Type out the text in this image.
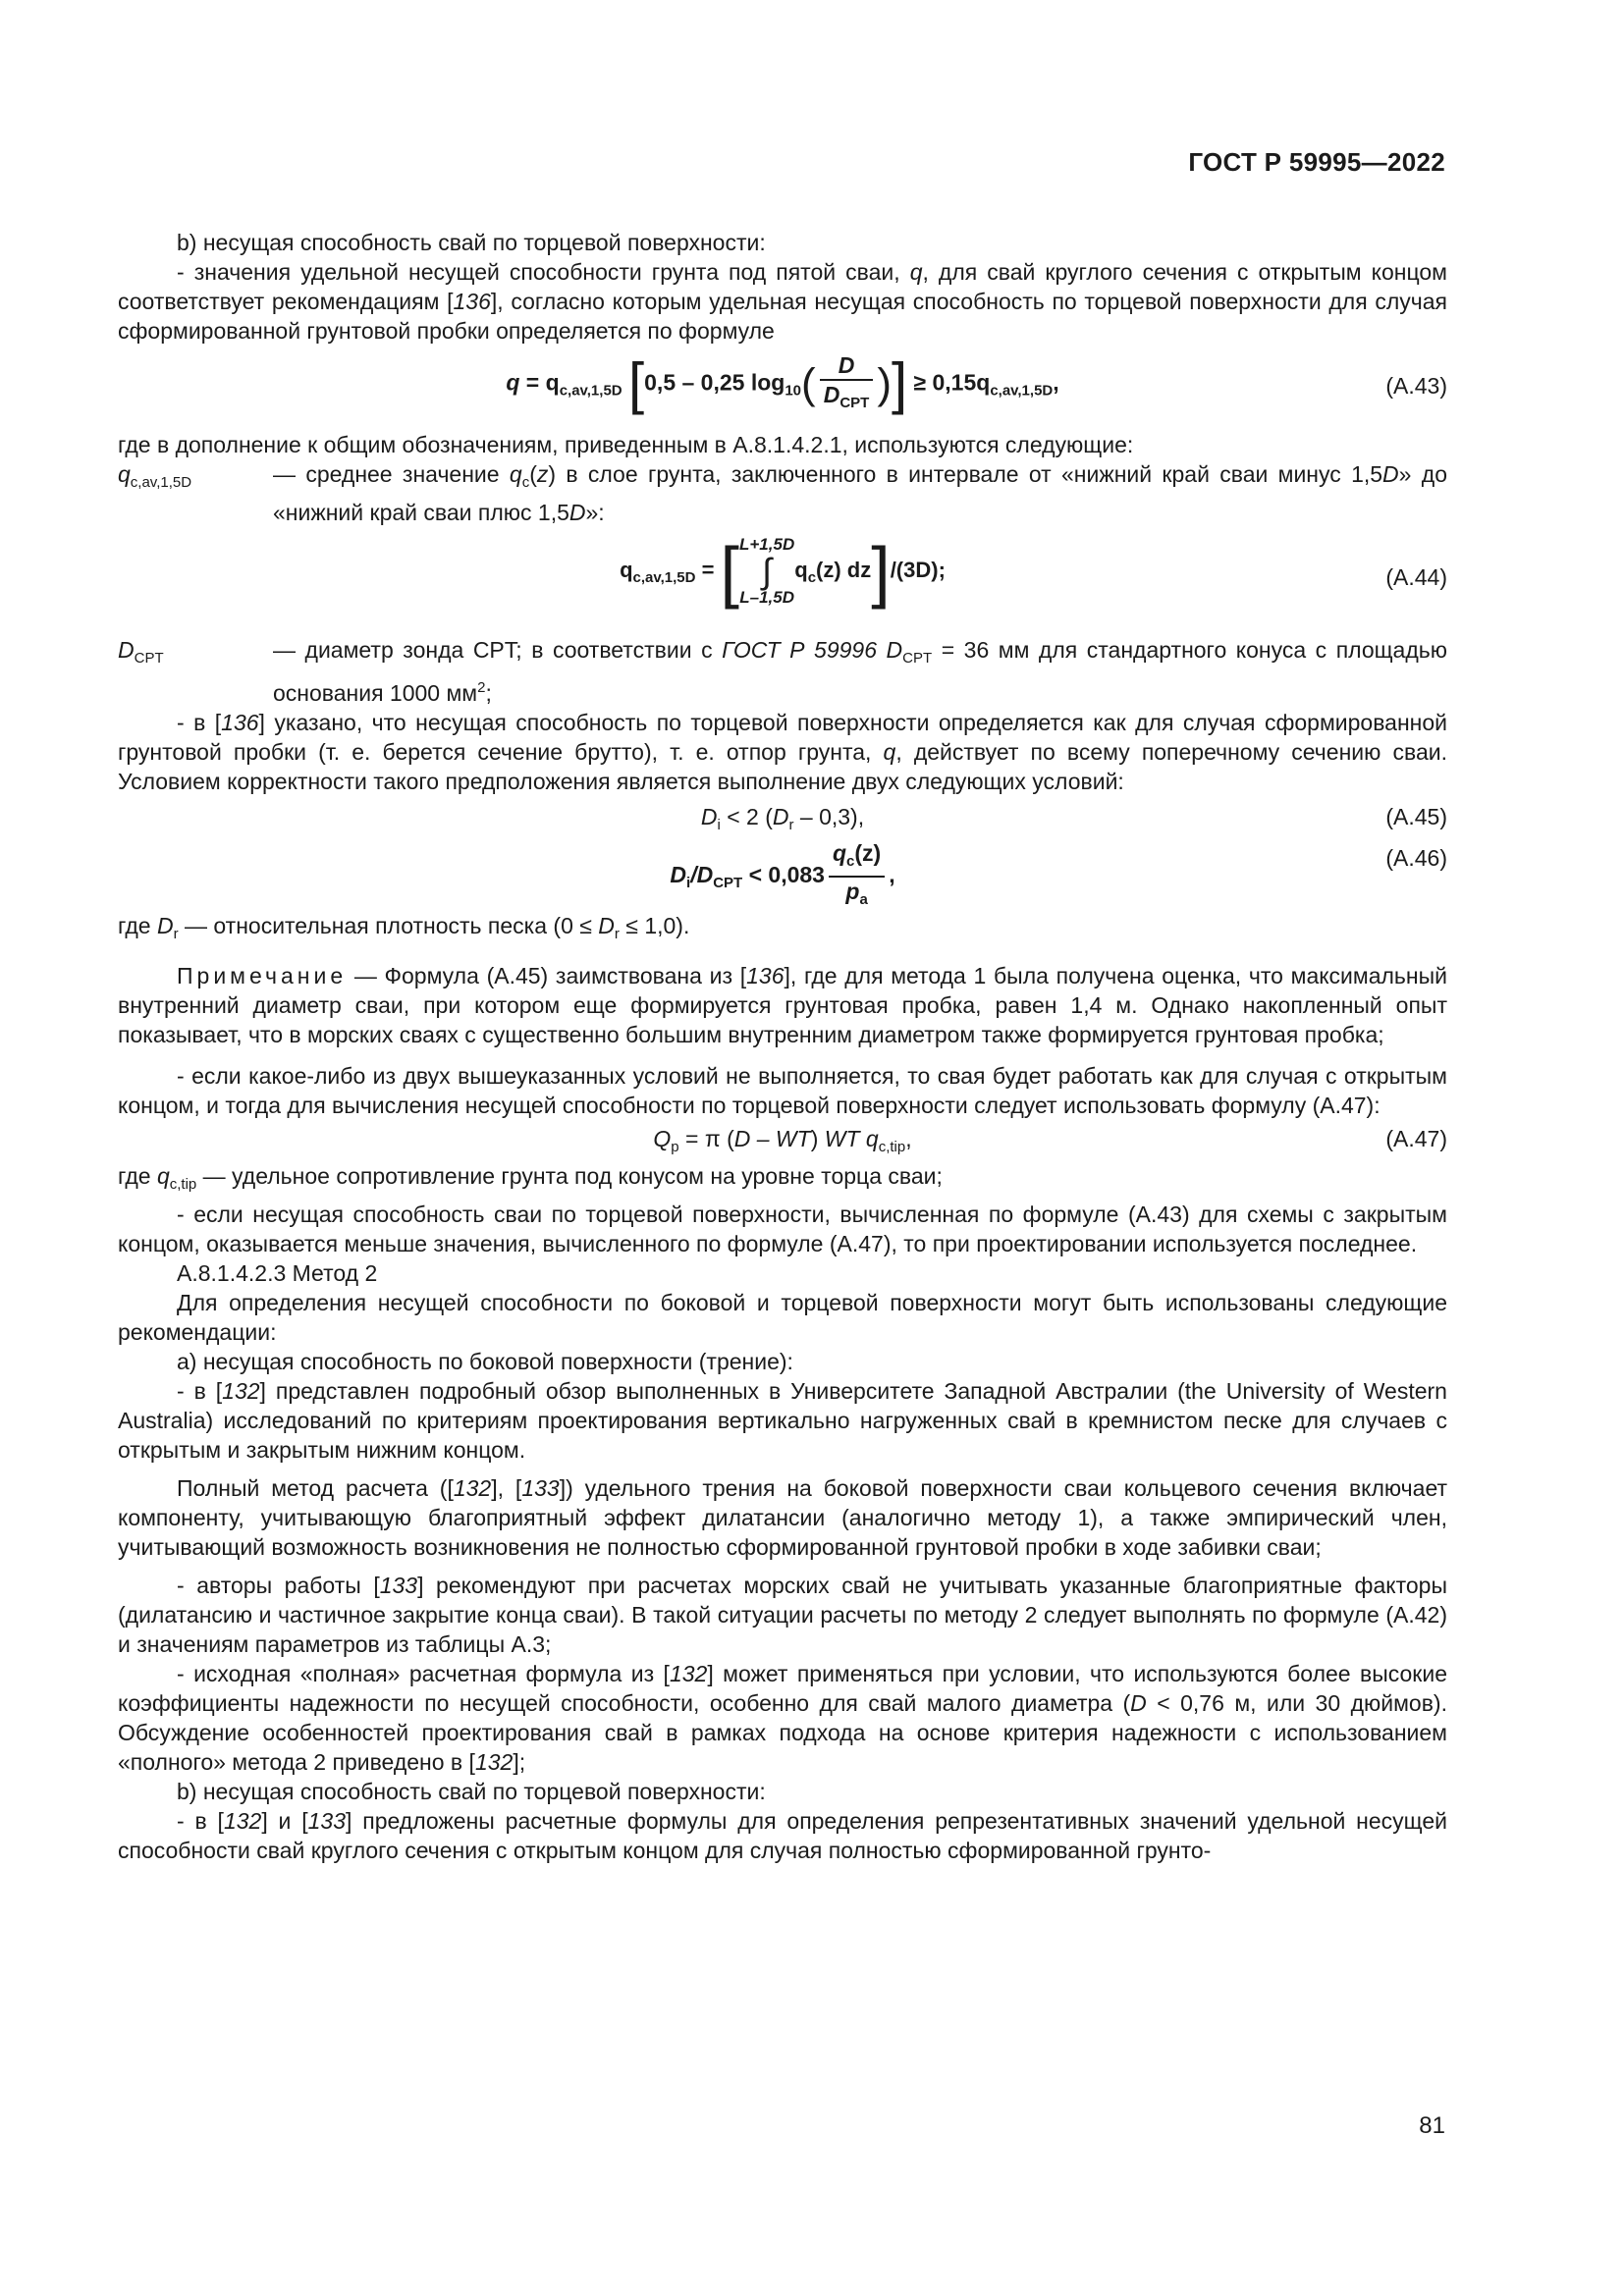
ГОСТ Р 59995—2022

b) несущая способность свай по торцевой поверхности:

- значения удельной несущей способности грунта под пятой сваи, q, для свай круглого сечения с открытым концом соответствует рекомендациям [136], согласно которым удельная несущая способность по торцевой поверхности для случая сформированной грунтовой пробки определяется по формуле

$q = q_{c,av,1,5D}$ [0,5 – 0,25 $\log_{10}( \frac{D}{D_{CPT}}$ )] ≥ $0,15q_{c,av,1,5D}$,	(А.43)

где в дополнение к общим обозначениям, приведенным в А.8.1.4.2.1, используются следующие:

$q_{c,av,1,5D}$	— среднее значение $q_c(z)$ в слое грунта, заключенного в интервале от «нижний край сваи минус 1,5D» до «нижний край сваи плюс 1,5D»:
$q_{c,av,1,5D}$ = [ L+1,5D
∫
L–1,5D
$q_c(z)$ dz]/(3D);	(А.44)
$D_{CPT}$	— диаметр зонда CPT; в соответствии с ГОСТ Р 59996 $D_{CPT} = 36$ мм для стандартного конуса с площадью основания 1000 $мм^2$;

- в [136] указано, что несущая способность по торцевой поверхности определяется как для случая сформированной грунтовой пробки (т. е. берется сечение брутто), т. е. отпор грунта, q, действует по всему поперечному сечению сваи. Условием корректности такого предположения является выполнение двух следующих условий:

$D_i < 2$ $(D_r - 0,3)$,	(А.45)
$D_i/D_{CPT} < 0,083 \frac{q_c(z)}{p_a}$ ,
(А.46)

где $D_r$ — относительная плотность песка $(0 \le D_r \le 1,0)$.

Примечание — Формула (А.45) заимствована из [136], где для метода 1 была получена оценка, что максимальный внутренний диаметр сваи, при котором еще формируется грунтовая пробка, равен 1,4 м. Однако накопленный опыт показывает, что в морских сваях с существенно большим внутренним диаметром также формируется грунтовая пробка;

- если какое-либо из двух вышеуказанных условий не выполняется, то свая будет работать как для случая с открытым концом, и тогда для вычисления несущей способности по торцевой поверхности следует использовать формулу (А.47):

$Q_p = \pi$ (D – WT) WT $q_{c,tip}$,	(А.47)

где $q_{c,tip}$ — удельное сопротивление грунта под конусом на уровне торца сваи;

- если несущая способность сваи по торцевой поверхности, вычисленная по формуле (А.43) для схемы с закрытым концом, оказывается меньше значения, вычисленного по формуле (А.47), то при проектировании используется последнее.

А.8.1.4.2.3 Метод 2

Для определения несущей способности по боковой и торцевой поверхности могут быть использованы следующие рекомендации:

a) несущая способность по боковой поверхности (трение):

- в [132] представлен подробный обзор выполненных в Университете Западной Австралии (the University of Western Australia) исследований по критериям проектирования вертикально нагруженных свай в кремнистом песке для случаев с открытым и закрытым нижним концом.

Полный метод расчета ([132], [133]) удельного трения на боковой поверхности сваи кольцевого сечения включает компоненту, учитывающую благоприятный эффект дилатансии (аналогично методу 1), а также эмпирический член, учитывающий возможность возникновения не полностью сформированной грунтовой пробки в ходе забивки сваи;

- авторы работы [133] рекомендуют при расчетах морских свай не учитывать указанные благоприятные факторы (дилатансию и частичное закрытие конца сваи). В такой ситуации расчеты по методу 2 следует выполнять по формуле (А.42) и значениям параметров из таблицы А.3;

- исходная «полная» расчетная формула из [132] может применяться при условии, что используются более высокие коэффициенты надежности по несущей способности, особенно для свай малого диаметра (D < 0,76 м, или 30 дюймов). Обсуждение особенностей проектирования свай в рамках подхода на основе критерия надежности с использованием «полного» метода 2 приведено в [132];

b) несущая способность свай по торцевой поверхности:

- в [132] и [133] предложены расчетные формулы для определения репрезентативных значений удельной несущей способности свай круглого сечения с открытым концом для случая полностью сформированной грунто-

81
